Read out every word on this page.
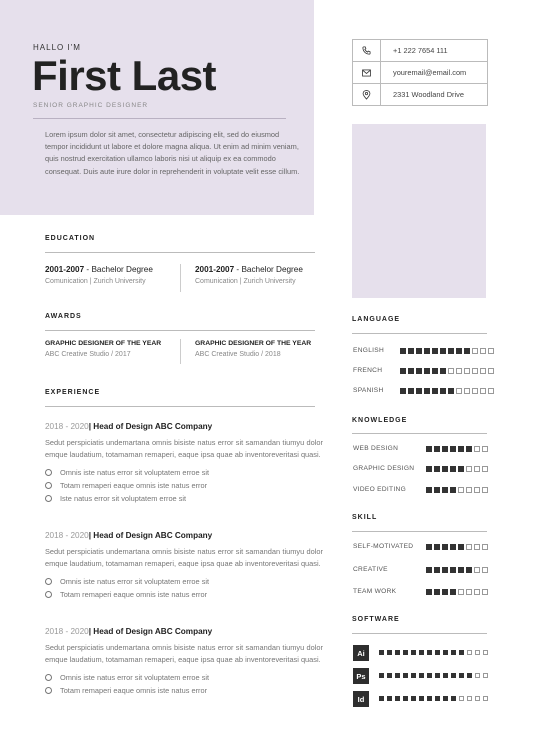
HALLO I'M
First Last
SENIOR GRAPHIC DESIGNER
Lorem ipsum dolor sit amet, consectetur adipiscing elit, sed do eiusmod tempor incididunt ut labore et dolore magna aliqua. Ut enim ad minim veniam, quis nostrud exercitation ullamco laboris nisi ut aliquip ex ea commodo consequat. Duis aute irure dolor in reprehenderit in voluptate velit esse cillum.
+1 222 7654 111
youremail@email.com
2331 Woodland Drive
EDUCATION
2001-2007 - Bachelor Degree
Comunication | Zurich University
2001-2007 - Bachelor Degree
Comunication | Zurich University
AWARDS
GRAPHIC DESIGNER OF THE YEAR
ABC Creative Studio / 2017
GRAPHIC DESIGNER OF THE YEAR
ABC Creative Studio / 2018
EXPERIENCE
2018 - 2020| Head of Design ABC Company
Sedut perspiciatis undemartana omnis bisiste natus error sit samandan tiumyu dolor emque laudatium, totamaman remaperi, eaque ipsa quae ab inventoreveritasi quasi.
Omnis iste natus error sit voluptatem erroe sit
Totam remaperi eaque omnis iste natus error
Iste natus error sit voluptatem erroe sit
2018 - 2020| Head of Design ABC Company
Sedut perspiciatis undemartana omnis bisiste natus error sit samandan tiumyu dolor emque laudatium, totamaman remaperi, eaque ipsa quae ab inventoreveritasi quasi.
Omnis iste natus error sit voluptatem erroe sit
Totam remaperi eaque omnis iste natus error
2018 - 2020| Head of Design ABC Company
Sedut perspiciatis undemartana omnis bisiste natus error sit samandan tiumyu dolor emque laudatium, totamaman remaperi, eaque ipsa quae ab inventoreveritasi quasi.
Omnis iste natus error sit voluptatem erroe sit
Totam remaperi eaque omnis iste natus error
LANGUAGE
ENGLISH
FRENCH
SPANISH
KNOWLEDGE
WEB DESIGN
GRAPHIC DESIGN
VIDEO EDITING
SKILL
SELF-MOTIVATED
CREATIVE
TEAM WORK
SOFTWARE
Ai
Ps
Id
